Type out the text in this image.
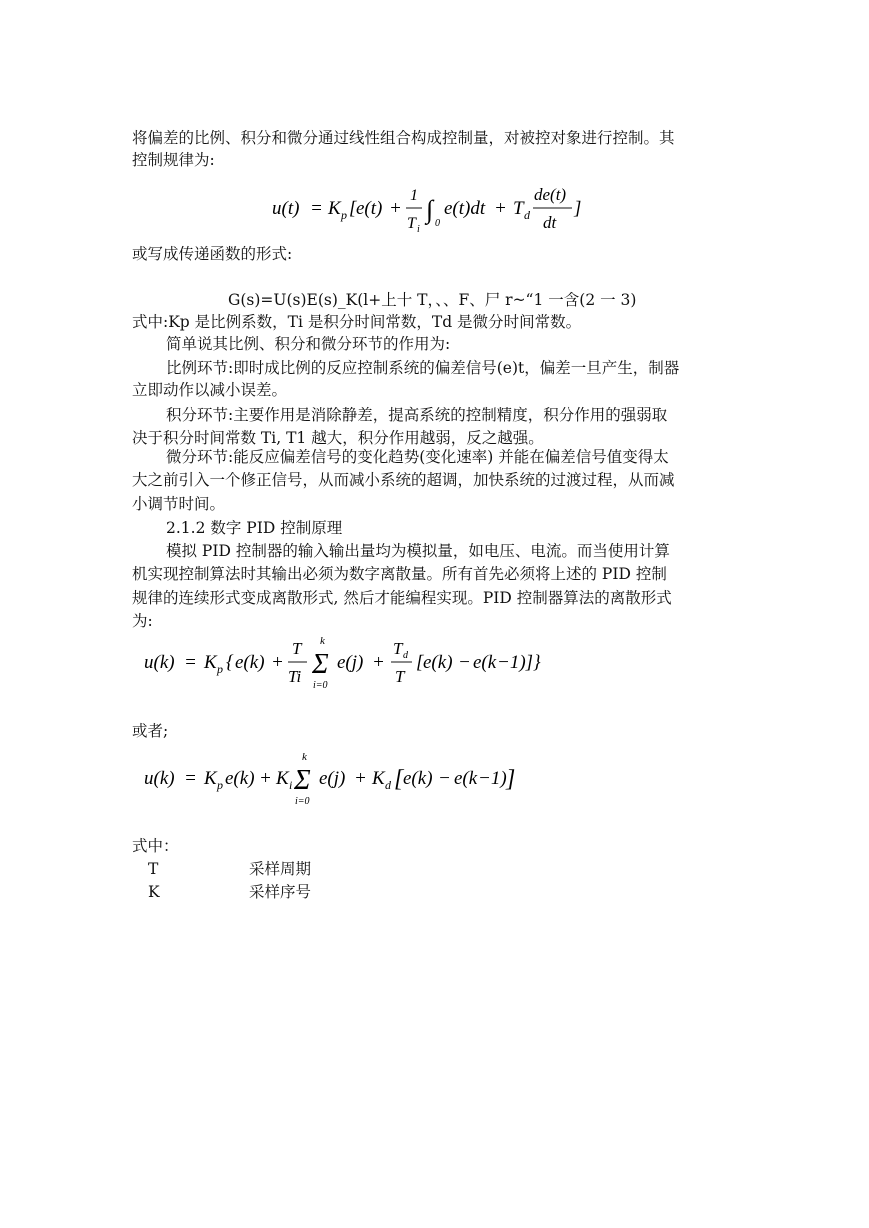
将偏差的比例、积分和微分通过线性组合构成控制量，对被控对象进行控制。其
控制规律为:
u(t) = K p [ e(t) +
1
T i
∫ 0
e(t)dt + T d
de(t)
dt
]
或写成传递函数的形式:
G(s)=U(s)E(s)_K(l+上十 T，、、F、尸 r~“1 一含(2 一 3)
式中:Kp 是比例系数，Ti 是积分时间常数，Td 是微分时间常数。
简单说其比例、积分和微分环节的作用为:
比例环节:即时成比例的反应控制系统的偏差信号(e)t，偏差一旦产生，制器
立即动作以减小误差。
积分环节:主要作用是消除静差，提高系统的控制精度，积分作用的强弱取
决于积分时间常数 Ti, T1 越大，积分作用越弱，反之越强。
微分环节:能反应偏差信号的变化趋势(变化速率) 并能在偏差信号值变得太
大之前引入一个修正信号，从而减小系统的超调，加快系统的过渡过程，从而减
小调节时间。
2.1.2 数字 PID 控制原理
模拟 PID 控制器的输入输出量均为模拟量，如电压、电流。而当使用计算
机实现控制算法时其输出必须为数字离散量。所有首先必须将上述的 PID 控制
规律的连续形式变成离散形式, 然后才能编程实现。PID 控制器算法的离散形式
为:
u(k) = K p { e(k) +
T
Ti
k
Σ
i=0
e(j) +
T d
T
[ e(k) − e(k −1)]}
或者;
u(k) = K p e(k) + K i
k
Σ
i=0
e(j) + K d [ e(k) − e(k −1) ]
式中：
T	采样周期
K	采样序号
